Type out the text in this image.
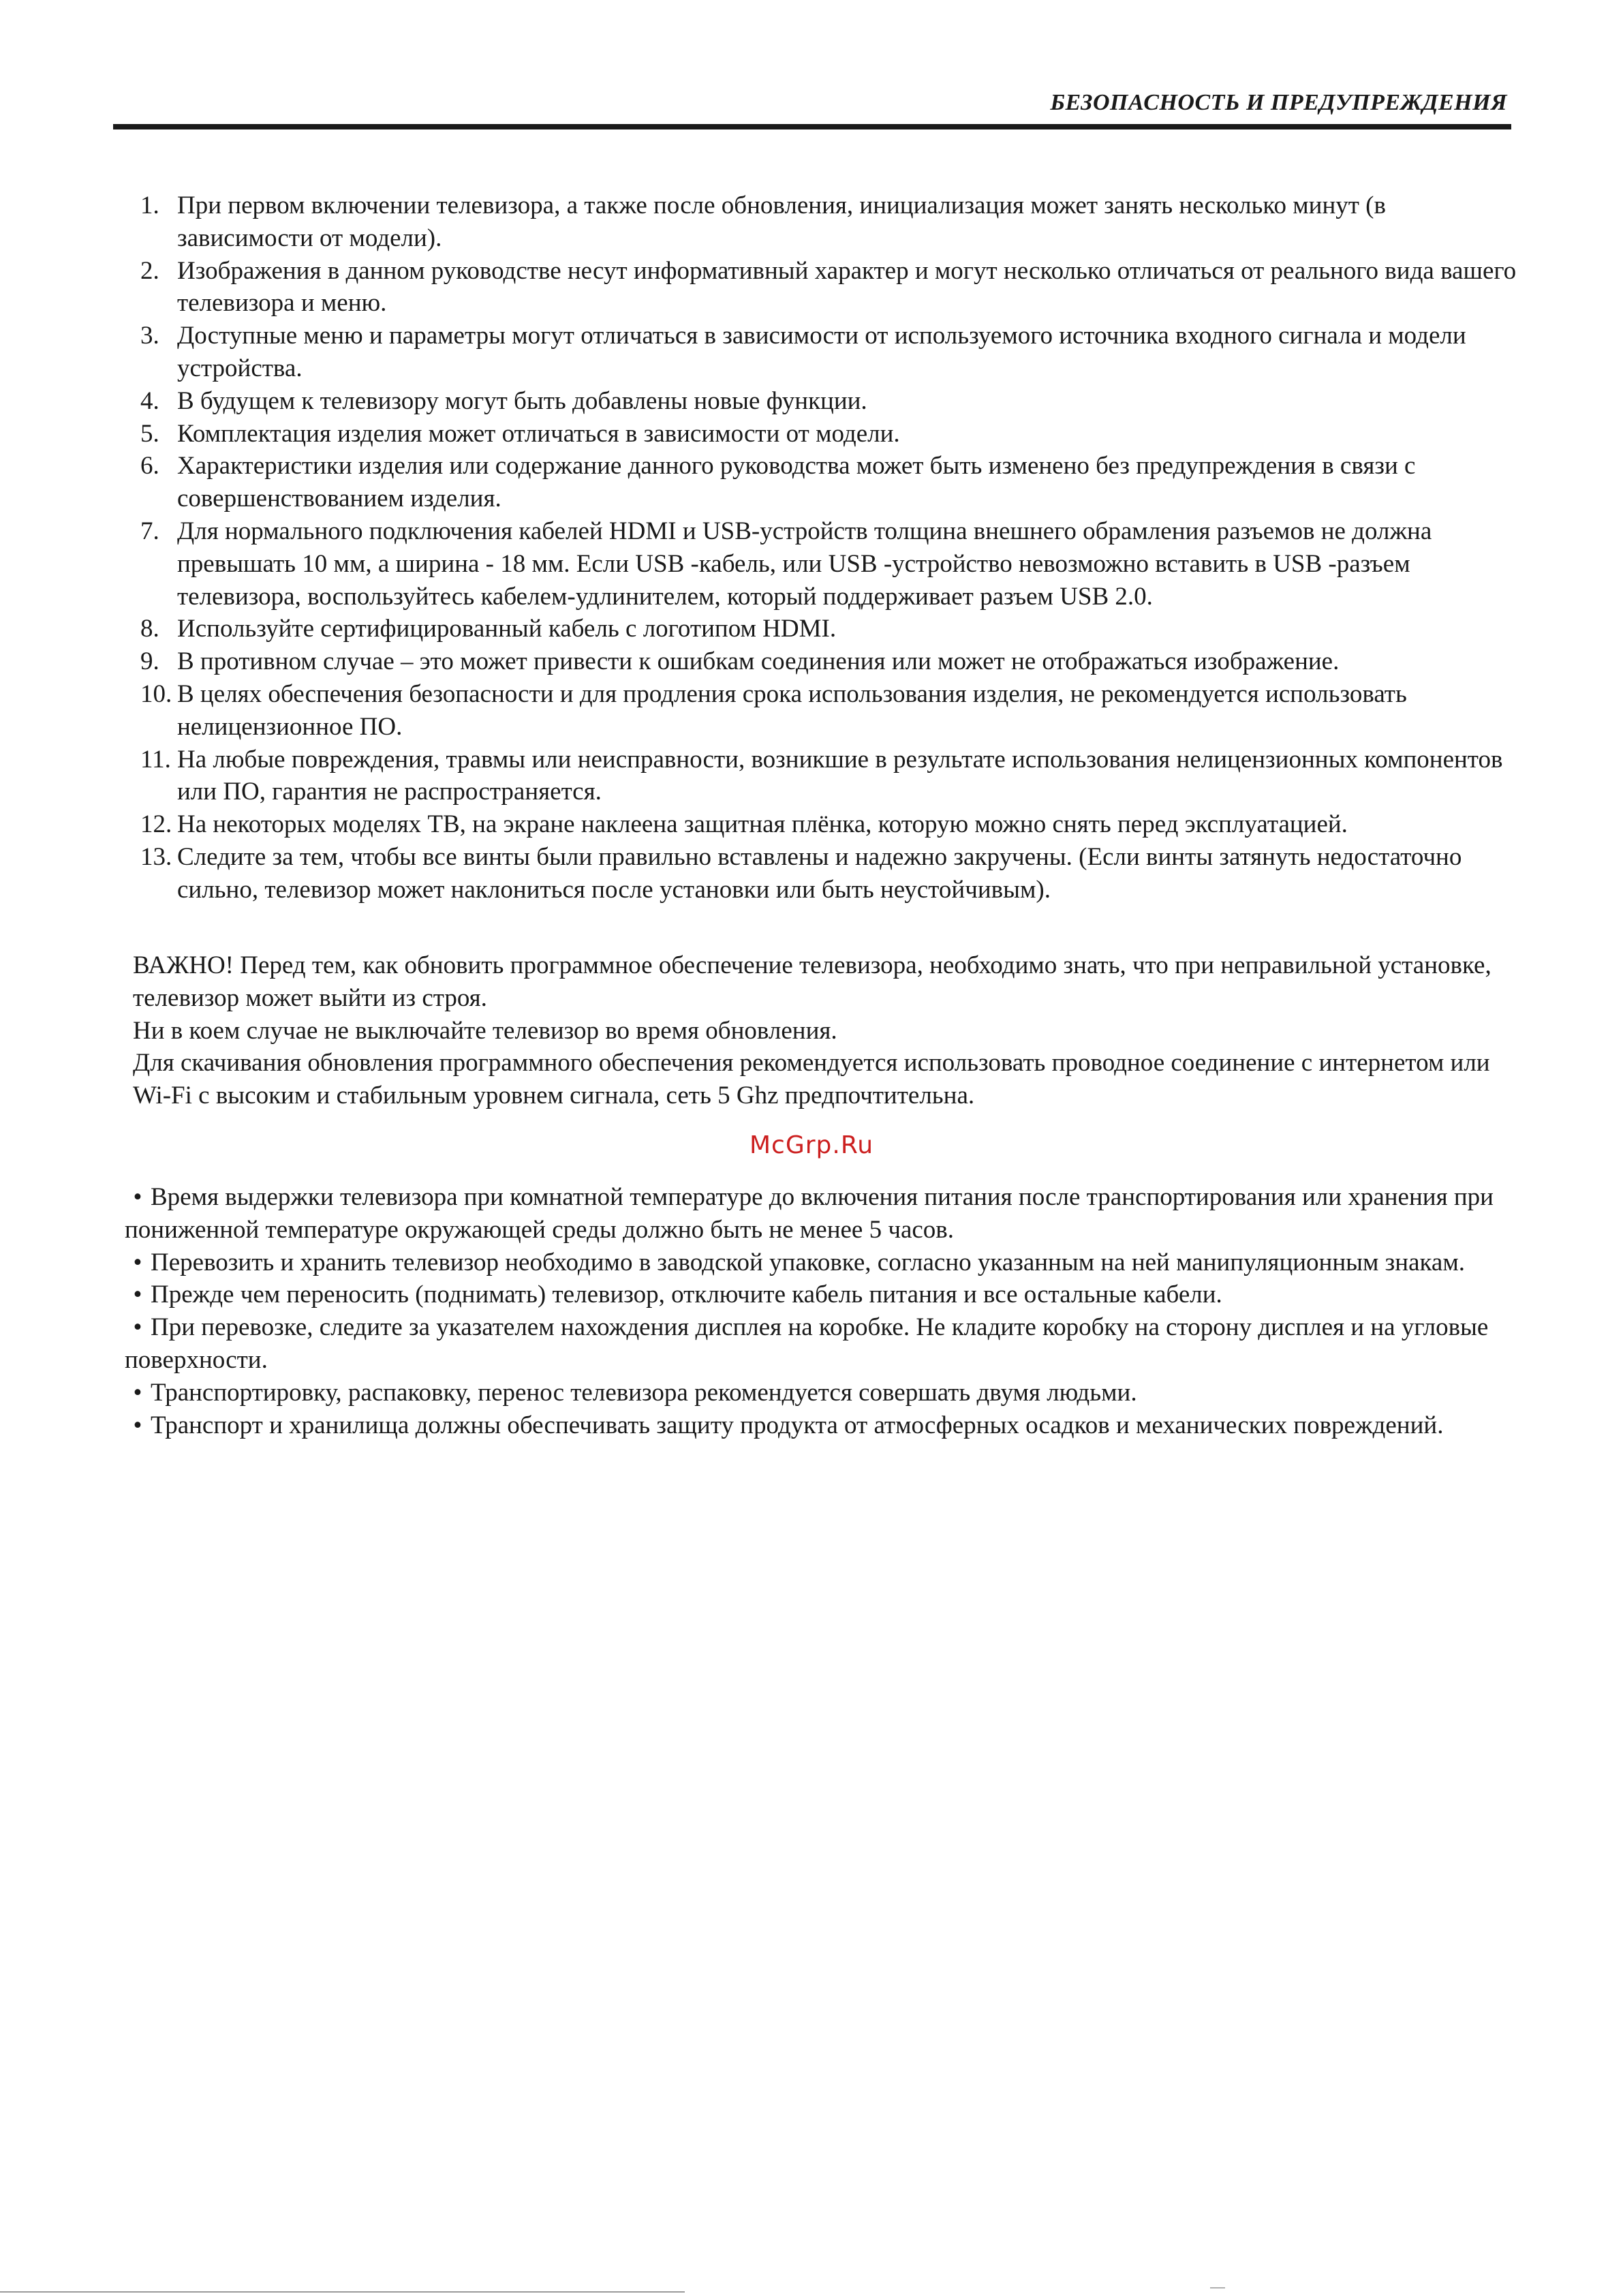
БЕЗОПАСНОСТЬ И ПРЕДУПРЕЖДЕНИЯ
1. При первом включении телевизора, а также после обновления, инициализация может занять несколько минут (в зависимости от модели).
2. Изображения в данном руководстве несут информативный характер и могут несколько отличаться от реального вида вашего телевизора и меню.
3. Доступные меню и параметры могут отличаться в зависимости от используемого источника входного сигнала и модели устройства.
4. В будущем к телевизору могут быть добавлены новые функции.
5. Комплектация изделия может отличаться в зависимости от модели.
6. Характеристики изделия или содержание данного руководства может быть изменено без предупреждения в связи с совершенствованием изделия.
7. Для нормального подключения кабелей HDMI и USB-устройств толщина внешнего обрамления разъемов не должна превышать 10 мм, а ширина - 18 мм. Если USB -кабель, или USB -устройство невозможно вставить в USB -разъем телевизора, воспользуйтесь кабелем-удлинителем, который поддерживает разъем USB 2.0.
8. Используйте сертифицированный кабель с логотипом HDMI.
9. В противном случае – это может привести к ошибкам соединения или может не отображаться изображение.
10. В целях обеспечения безопасности и для продления срока использования изделия, не рекомендуется использовать нелицензионное ПО.
11. На любые повреждения, травмы или неисправности, возникшие в результате использования нелицензионных компонентов или ПО, гарантия не распространяется.
12. На некоторых моделях ТВ, на экране наклеена защитная плёнка, которую можно снять перед эксплуатацией.
13. Следите за тем, чтобы все винты были правильно вставлены и надежно закручены. (Если винты затянуть недостаточно сильно, телевизор может наклониться после установки или быть неустойчивым).

ВАЖНО! Перед тем, как обновить программное обеспечение телевизора, необходимо знать, что при неправильной установке, телевизор может выйти из строя.

Ни в коем случае не выключайте телевизор во время обновления.

Для скачивания обновления программного обеспечения рекомендуется использовать проводное соединение с интернетом или Wi-Fi с высоким и стабильным уровнем сигнала, сеть 5 Ghz предпочтительна.

McGrp.Ru
• Время выдержки телевизора при комнатной температуре до включения питания после транспортирования или хранения при пониженной температуре окружающей среды должно быть не менее 5 часов.
• Перевозить и хранить телевизор необходимо в заводской упаковке, согласно указанным на ней манипуляционным знакам.
• Прежде чем переносить (поднимать) телевизор, отключите кабель питания и все остальные кабели.
• При перевозке, следите за указателем нахождения дисплея на коробке. Не кладите коробку на сторону дисплея и на угловые поверхности.
• Транспортировку, распаковку, перенос телевизора рекомендуется совершать двумя людьми.
• Транспорт и хранилища должны обеспечивать защиту продукта от атмосферных осадков и механических повреждений.
